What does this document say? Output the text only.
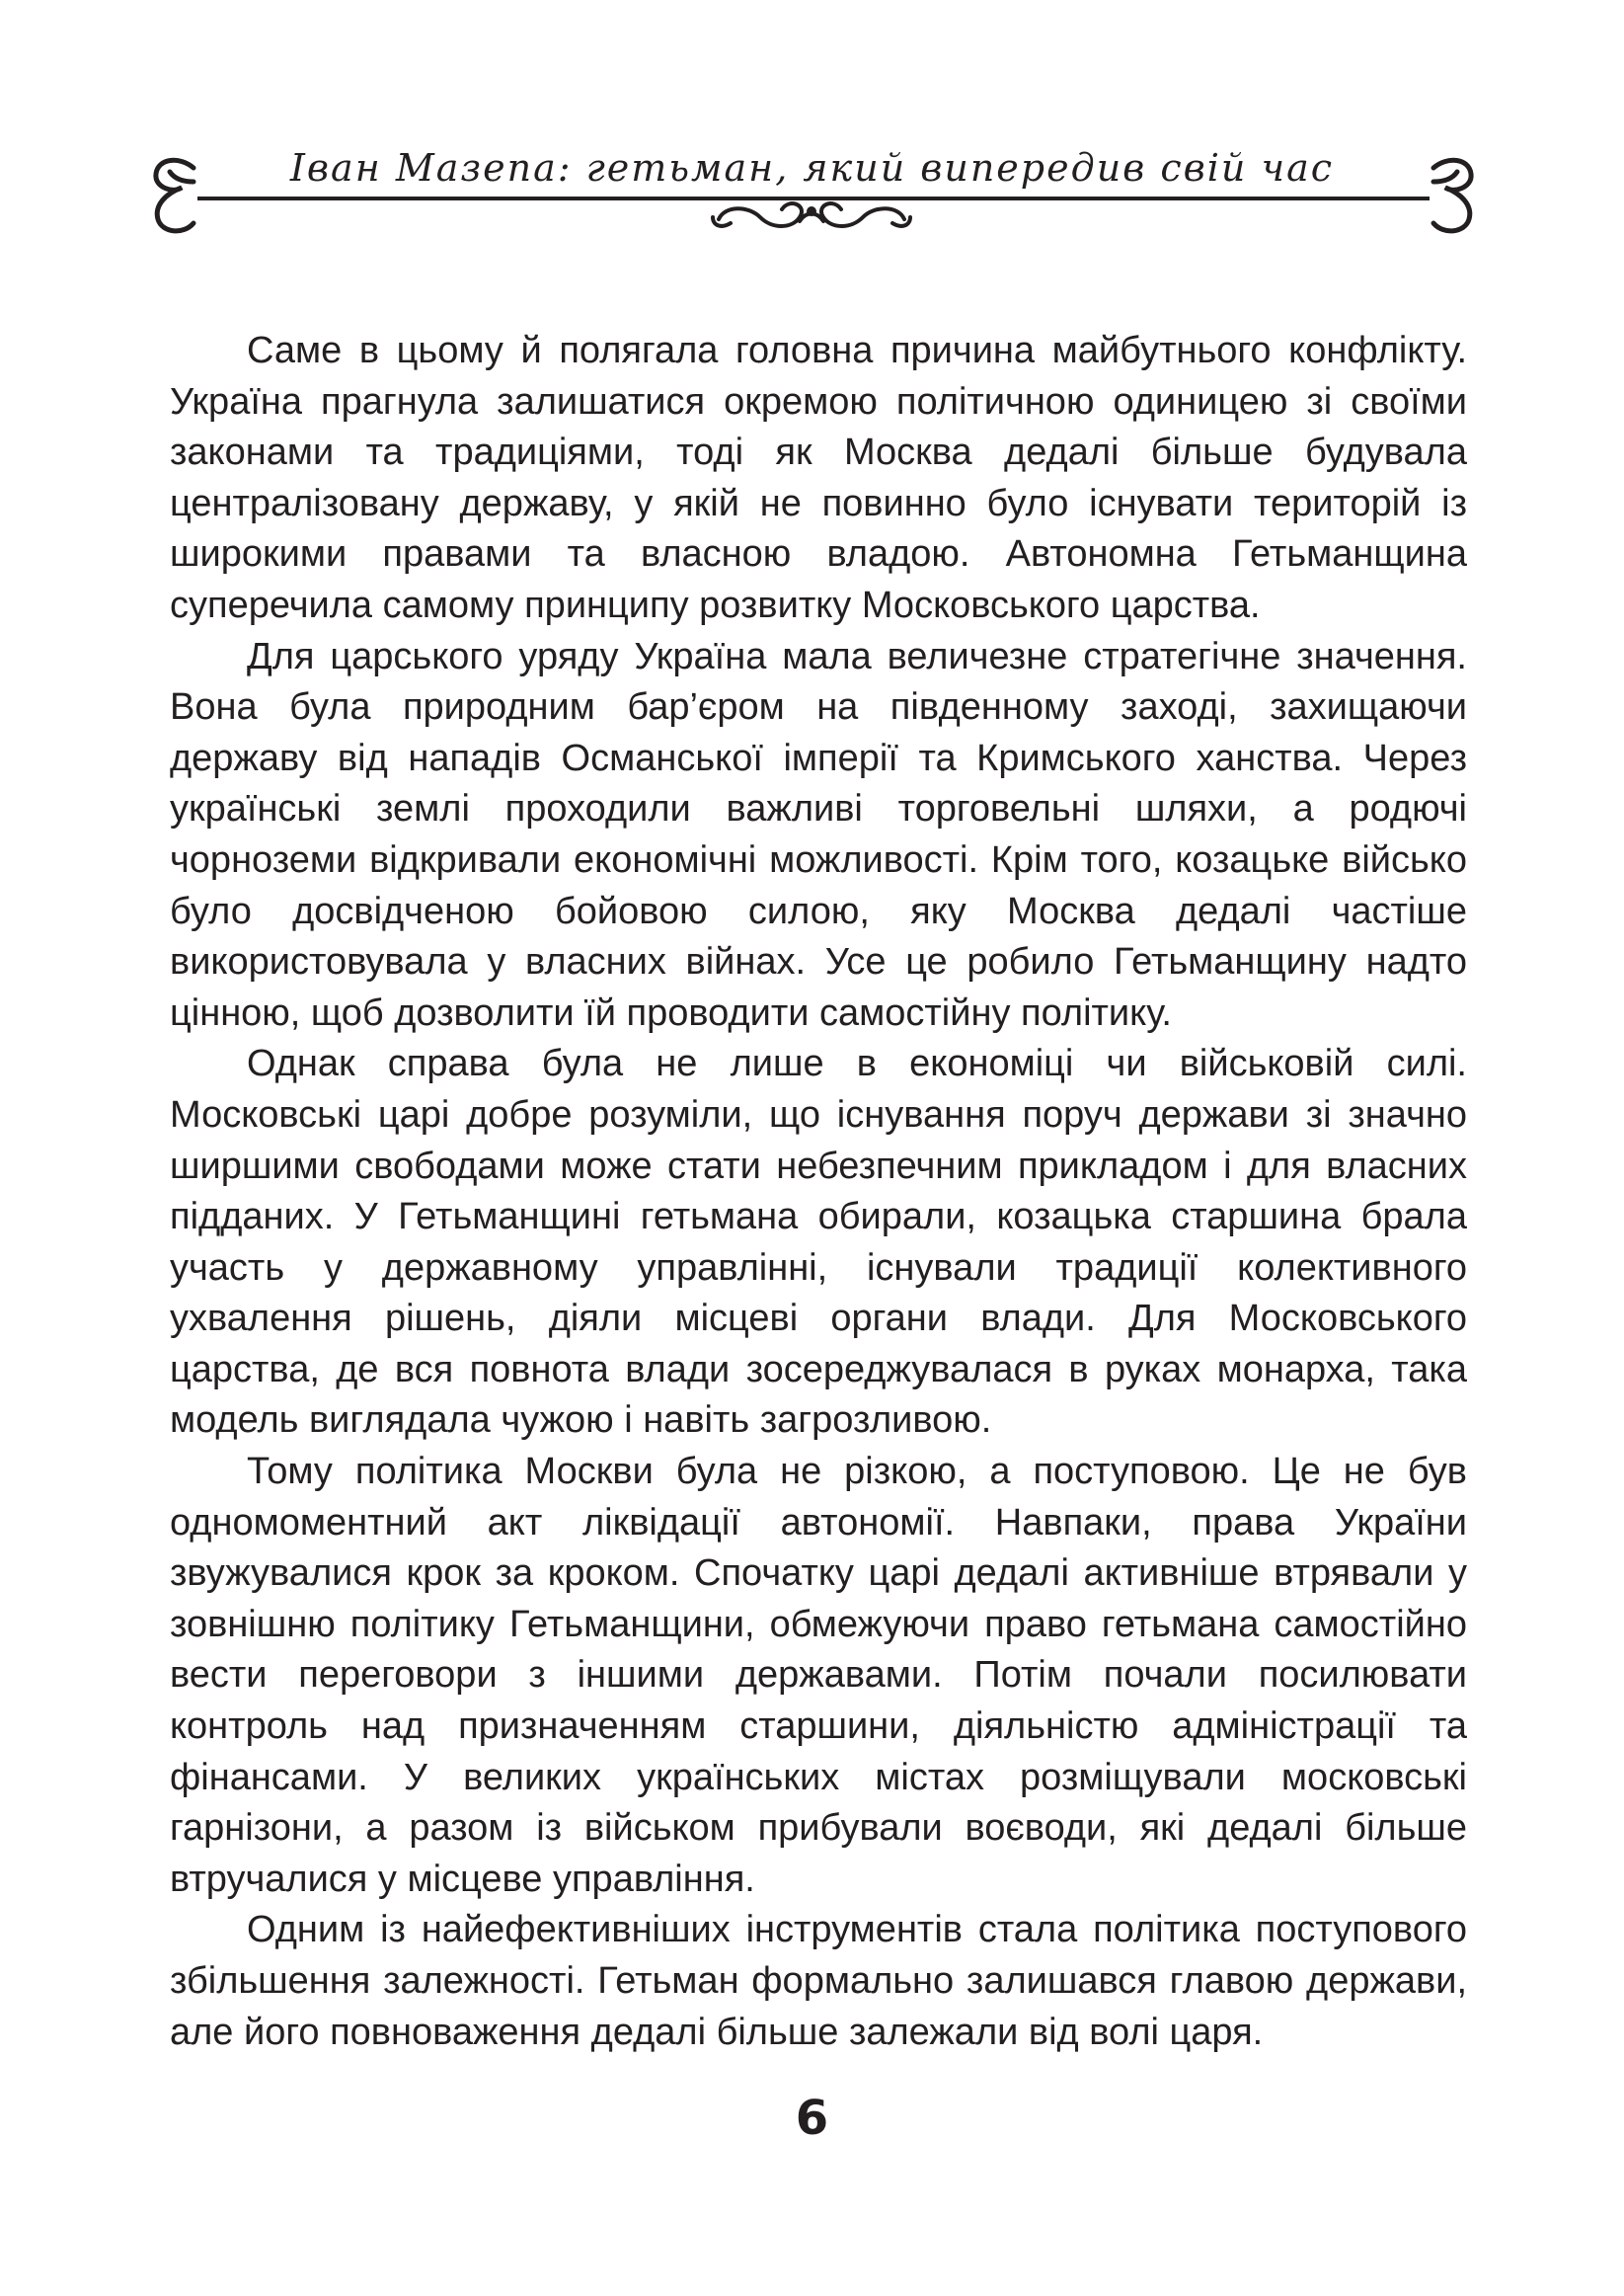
Іван Мазепа: гетьман, який випередив свій час

Саме в цьому й полягала головна причина майбутнього конфлікту. Україна прагнула залишатися окремою політичною одиницею зі своїми законами та традиціями, тоді як Москва дедалі більше будувала централізовану державу, у якій не повинно було існувати територій із широкими правами та власною владою. Автономна Гетьманщина суперечила самому принципу розвитку Московського царства.

Для царського уряду Україна мала величезне стратегічне значення. Вона була природним бар’єром на південному заході, захищаючи державу від нападів Османської імперії та Кримського ханства. Через українські землі проходили важливі торговельні шляхи, а родючі чорноземи відкривали економічні можливості. Крім того, козацьке військо було досвідченою бойовою силою, яку Москва дедалі частіше використовувала у власних війнах. Усе це робило Гетьманщину надто цінною, щоб дозволити їй проводити самостійну політику.

Однак справа була не лише в економіці чи військовій силі. Московські царі добре розуміли, що існування поруч держави зі значно ширшими свободами може стати небезпечним прикладом і для власних підданих. У Гетьманщині гетьмана обирали, козацька старшина брала участь у державному управлінні, існували традиції колективного ухвалення рішень, діяли місцеві органи влади. Для Московського царства, де вся повнота влади зосереджувалася в руках монарха, така модель виглядала чужою і навіть загрозливою.

Тому політика Москви була не різкою, а поступовою. Це не був одномоментний акт ліквідації автономії. Навпаки, права України звужувалися крок за кроком. Спочатку царі дедалі активніше втрявали у зовнішню політику Гетьманщини, обмежуючи право гетьмана самостійно вести переговори з іншими державами. Потім почали посилювати контроль над призначенням старшини, діяльністю адміністрації та фінансами. У великих українських містах розміщували московські гарнізони, а разом із військом прибували воєводи, які дедалі більше втручалися у місцеве управління.

Одним із найефективніших інструментів стала політика поступового збільшення залежності. Гетьман формально залишався главою держави, але його повноваження дедалі більше залежали від волі царя.

6
